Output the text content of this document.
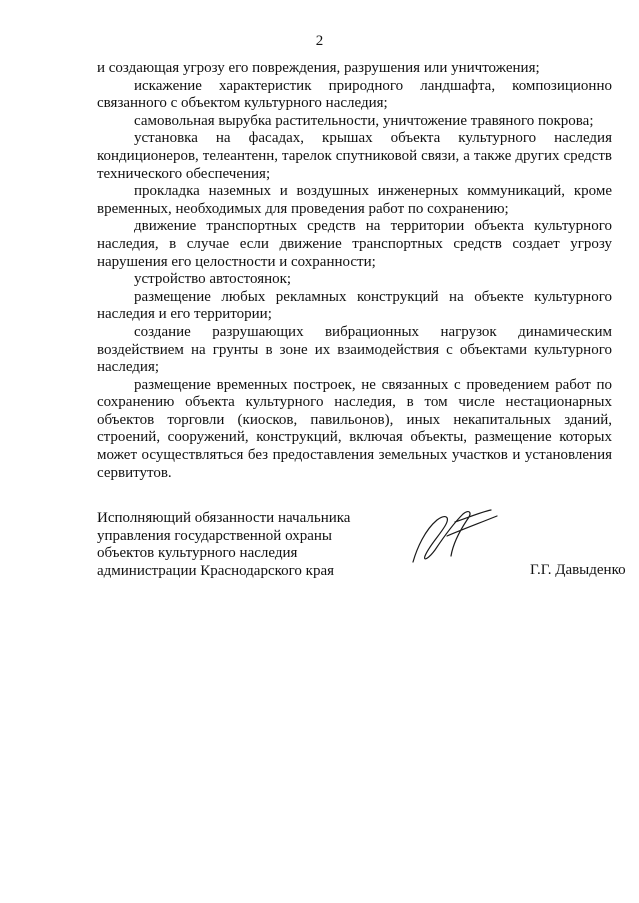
2

и создающая угрозу его повреждения, разрушения или уничтожения;

искажение характеристик природного ландшафта, композиционно связанного с объектом культурного наследия;

самовольная вырубка растительности, уничтожение травяного покрова;

установка на фасадах, крышах объекта культурного наследия кондиционеров, телеантенн, тарелок спутниковой связи, а также других средств технического обеспечения;

прокладка наземных и воздушных инженерных коммуникаций, кроме временных, необходимых для проведения работ по сохранению;

движение транспортных средств на территории объекта культурного наследия, в случае если движение транспортных средств создает угрозу нарушения его целостности и сохранности;

устройство автостоянок;

размещение любых рекламных конструкций на объекте культурного наследия и его территории;

создание разрушающих вибрационных нагрузок динамическим воздействием на грунты в зоне их взаимодействия с объектами культурного наследия;

размещение временных построек, не связанных с проведением работ по сохранению объекта культурного наследия, в том числе нестационарных объектов торговли (киосков, павильонов), иных некапитальных зданий, строений, сооружений, конструкций, включая объекты, размещение которых может осуществляться без предоставления земельных участков и установления сервитутов.

Исполняющий обязанности начальника
управления государственной охраны
объектов культурного наследия
администрации Краснодарского края	Г.Г. Давыденко
